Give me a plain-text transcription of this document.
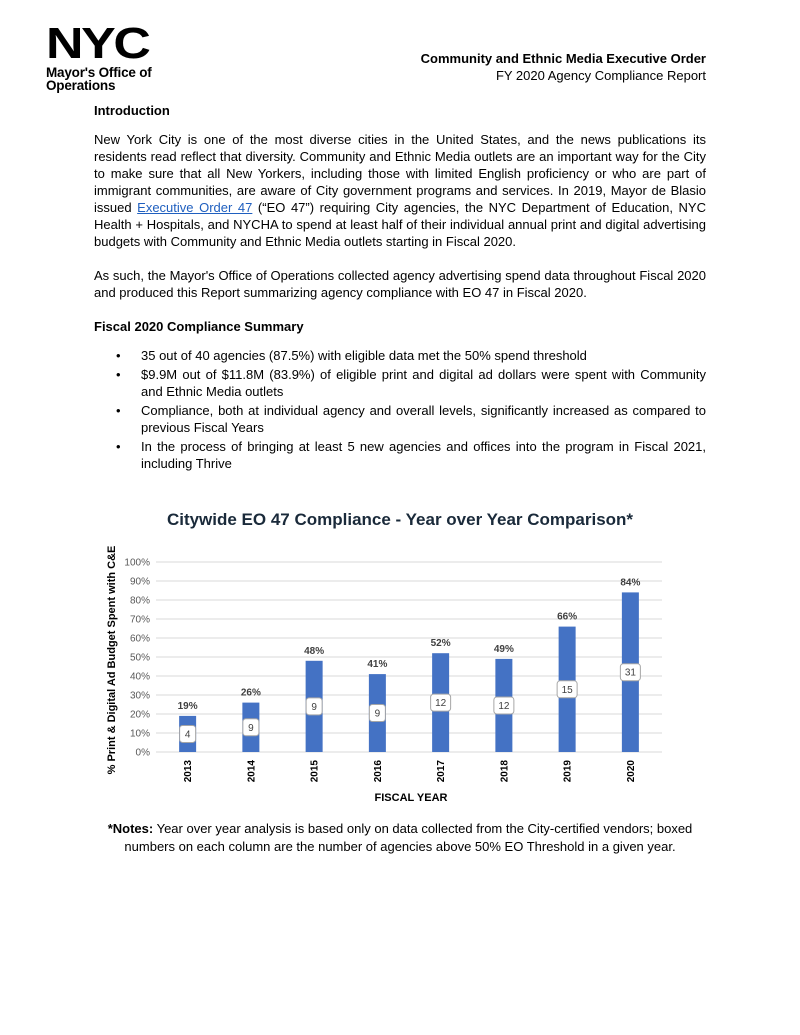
NYC
Mayor's Office of
Operations
Community and Ethnic Media Executive Order
FY 2020 Agency Compliance Report
Introduction

New York City is one of the most diverse cities in the United States, and the news publications its residents read reflect that diversity. Community and Ethnic Media outlets are an important way for the City to make sure that all New Yorkers, including those with limited English proficiency or who are part of immigrant communities, are aware of City government programs and services. In 2019, Mayor de Blasio issued Executive Order 47 (“EO 47”) requiring City agencies, the NYC Department of Education, NYC Health + Hospitals, and NYCHA to spend at least half of their individual annual print and digital advertising budgets with Community and Ethnic Media outlets starting in Fiscal 2020.

As such, the Mayor's Office of Operations collected agency advertising spend data throughout Fiscal 2020 and produced this Report summarizing agency compliance with EO 47 in Fiscal 2020.

Fiscal 2020 Compliance Summary
• 35 out of 40 agencies (87.5%) with eligible data met the 50% spend threshold
• $9.9M out of $11.8M (83.9%) of eligible print and digital ad dollars were spent with Community and Ethnic Media outlets
• Compliance, both at individual agency and overall levels, significantly increased as compared to previous Fiscal Years
• In the process of bringing at least 5 new agencies and offices into the program in Fiscal 2021, including Thrive
Citywide EO 47 Compliance - Year over Year Comparison*
0%
10%
20%
30%
40%
50%
60%
70%
80%
90%
100%
19%
4
2013
26%
9
2014
48%
9
2015
41%
9
2016
52%
12
2017
49%
12
2018
66%
15
2019
84%
31
2020
% Print & Digital Ad Budget Spent with C&E
FISCAL YEAR
*Notes: Year over year analysis is based only on data collected from the City-certified vendors; boxed numbers on each column are the number of agencies above 50% EO Threshold in a given year.
